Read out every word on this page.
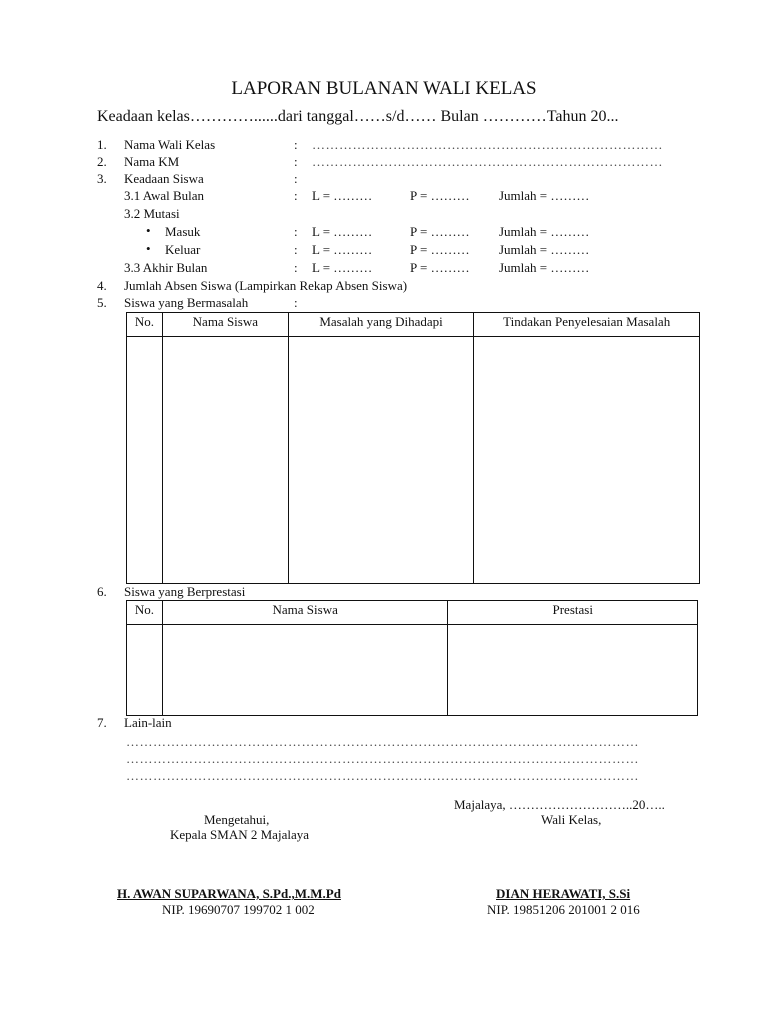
LAPORAN BULANAN WALI KELAS
Keadaan kelas…………......dari tanggal……s/d…… Bulan …………Tahun 20...
1. Nama Wali Kelas	: ……………………………………………………………………
2. Nama KM	: ……………………………………………………………………
3. Keadaan Siswa	:
3.1 Awal Bulan	: L = ………	P = ……… Jumlah = ………
3.2 Mutasi
• Masuk	: L = ………	P = ……… Jumlah = ………
• Keluar	: L = ………	P = ……… Jumlah = ………
3.3 Akhir Bulan	: L = ………	P = ……… Jumlah = ………
4. Jumlah Absen Siswa (Lampirkan Rekap Absen Siswa)
5. Siswa yang Bermasalah	:
No.	Nama Siswa	Masalah yang Dihadapi	Tindakan Penyelesaian Masalah

6. Siswa yang Berprestasi
No.	Nama Siswa	Prestasi

7. Lain-lain
……………………………………………………………………………………………………
……………………………………………………………………………………………………
……………………………………………………………………………………………………
Majalaya, ………………………..20…..
Mengetahui,	Wali Kelas,
Kepala SMAN 2 Majalaya
H. AWAN SUPARWANA, S.Pd.,M.M.Pd
NIP. 19690707 199702 1 002
DIAN HERAWATI, S.Si
NIP. 19851206 201001 2 016
